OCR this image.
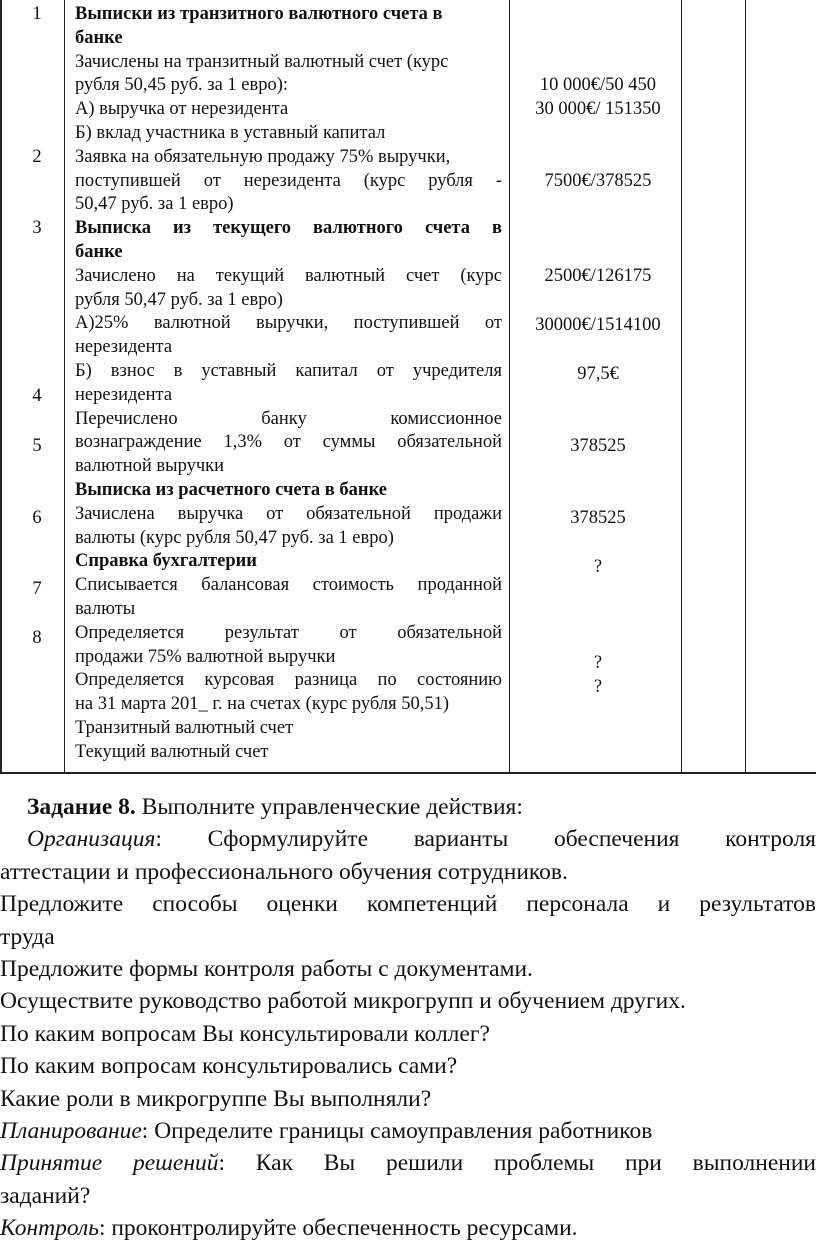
1
2
3
4
5
6
7
8
Выписки из транзитного валютного счета в
банке
Зачислены на транзитный валютный счет (курс
рубля 50,45 руб. за 1 евро):
А) выручка от нерезидента
Б) вклад участника в уставный капитал
Заявка на обязательную продажу 75% выручки,
поступившей от нерезидента (курс рубля -
50,47 руб. за 1 евро)
Выписка из текущего валютного счета в
банке
Зачислено на текущий валютный счет (курс
рубля 50,47 руб. за 1 евро)
А)25% валютной выручки, поступившей от
нерезидента
Б) взнос в уставный капитал от учредителя
нерезидента
Перечислено банку комиссионное
вознаграждение 1,3% от суммы обязательной
валютной выручки
Выписка из расчетного счета в банке
Зачислена выручка от обязательной продажи
валюты (курс рубля 50,47 руб. за 1 евро)
Справка бухгалтерии
Списывается балансовая стоимость проданной
валюты
Определяется результат от обязательной
продажи 75% валютной выручки
Определяется курсовая разница по состоянию
на 31 марта 201_ г. на счетах (курс рубля 50,51)
Транзитный валютный счет
Текущий валютный счет
10 000€/50 450
30 000€/ 151350
7500€/378525
2500€/126175
30000€/1514100
97,5€
378525
378525
?
?
?
Задание 8. Выполните управленческие действия:
Организация: Сформулируйте варианты обеспечения контроля
аттестации и профессионального обучения сотрудников.
Предложите способы оценки компетенций персонала и результатов
труда
Предложите формы контроля работы с документами.
Осуществите руководство работой микрогрупп и обучением других.
По каким вопросам Вы консультировали коллег?
По каким вопросам консультировались сами?
Какие роли в микрогруппе Вы выполняли?
Планирование: Определите границы самоуправления работников
Принятие решений: Как Вы решили проблемы при выполнении
заданий?
Контроль: проконтролируйте обеспеченность ресурсами.
